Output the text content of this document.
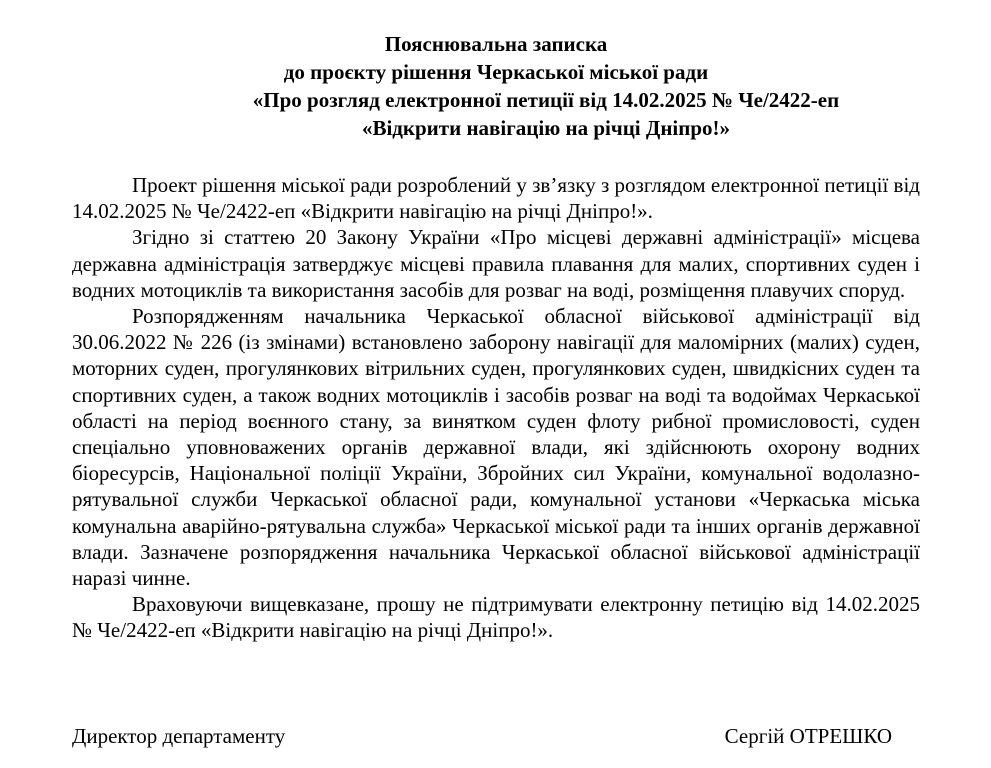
Пояснювальна записка
до проєкту рішення Черкаської міської ради
«Про розгляд електронної петиції від 14.02.2025 № Че/2422-еп
«Відкрити навігацію на річці Дніпро!»

Проект рішення міської ради розроблений у зв’язку з розглядом електронної петиції від 14.02.2025 № Че/2422-еп «Відкрити навігацію на річці Дніпро!».

Згідно зі статтею 20 Закону України «Про місцеві державні адміністрації» місцева державна адміністрація затверджує місцеві правила плавання для малих, спортивних суден і водних мотоциклів та використання засобів для розваг на воді, розміщення плавучих споруд.

Розпорядженням начальника Черкаської обласної військової адміністрації від 30.06.2022 № 226 (із змінами) встановлено заборону навігації для маломірних (малих) суден, моторних суден, прогулянкових вітрильних суден, прогулянкових суден, швидкісних суден та спортивних суден, а також водних мотоциклів і засобів розваг на воді та водоймах Черкаської області на період воєнного стану, за винятком суден флоту рибної промисловості, суден спеціально уповноважених органів державної влади, які здійснюють охорону водних біоресурсів, Національної поліції України, Збройних сил України, комунальної водолазно-рятувальної служби Черкаської обласної ради, комунальної установи «Черкаська міська комунальна аварійно-рятувальна служба» Черкаської міської ради та інших органів державної влади. Зазначене розпорядження начальника Черкаської обласної військової адміністрації наразі чинне.

Враховуючи вищевказане, прошу не підтримувати електронну петицію від 14.02.2025 № Че/2422-еп «Відкрити навігацію на річці Дніпро!».

Директор департаменту	Сергій ОТРЕШКО
